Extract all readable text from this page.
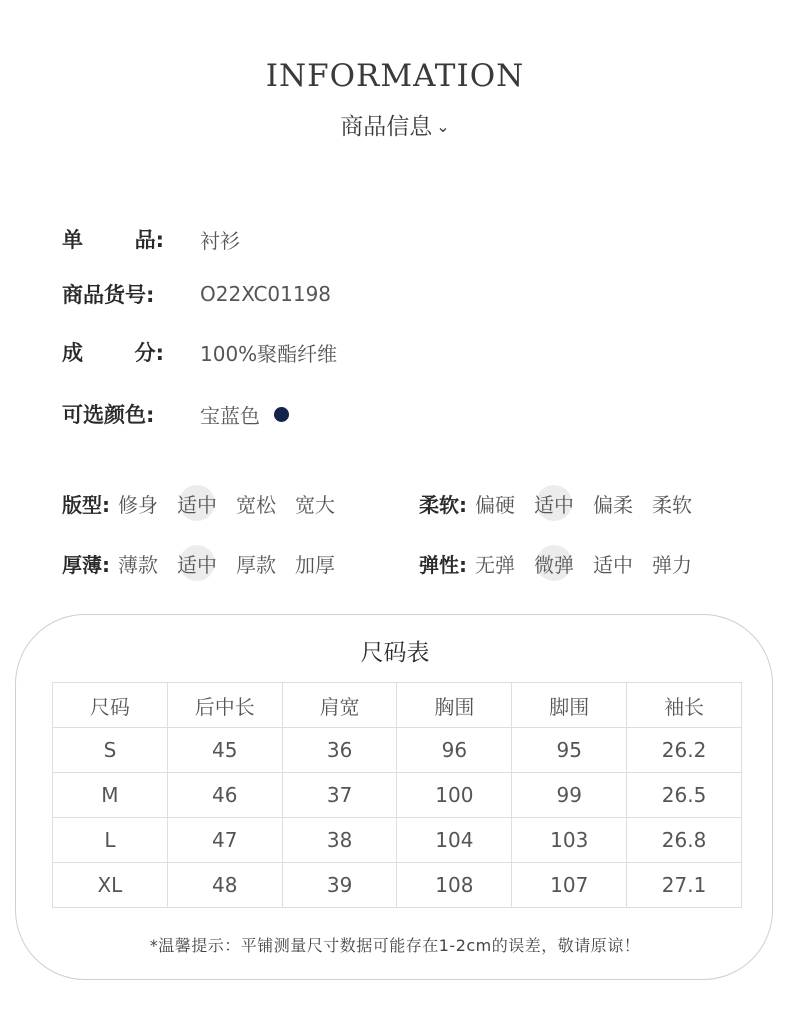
INFORMATION
商品信息 ⌄
单 品: 衬衫
商品货号:	O22XC01198
成 分: 100%聚酯纤维
可选颜色:	宝蓝色
版型: 修身 适中 宽松 宽大	柔软: 偏硬 适中 偏柔 柔软
厚薄: 薄款 适中 厚款 加厚	弹性: 无弹 微弹 适中 弹力
尺码表
尺码	后中长	肩宽	胸围	脚围	袖长
S	45	36	96	95	26.2
M	46	37	100	99	26.5
L	47	38	104	103	26.8
XL	48	39	108	107	27.1
*温馨提示：平铺测量尺寸数据可能存在1-2cm的误差，敬请原谅！
